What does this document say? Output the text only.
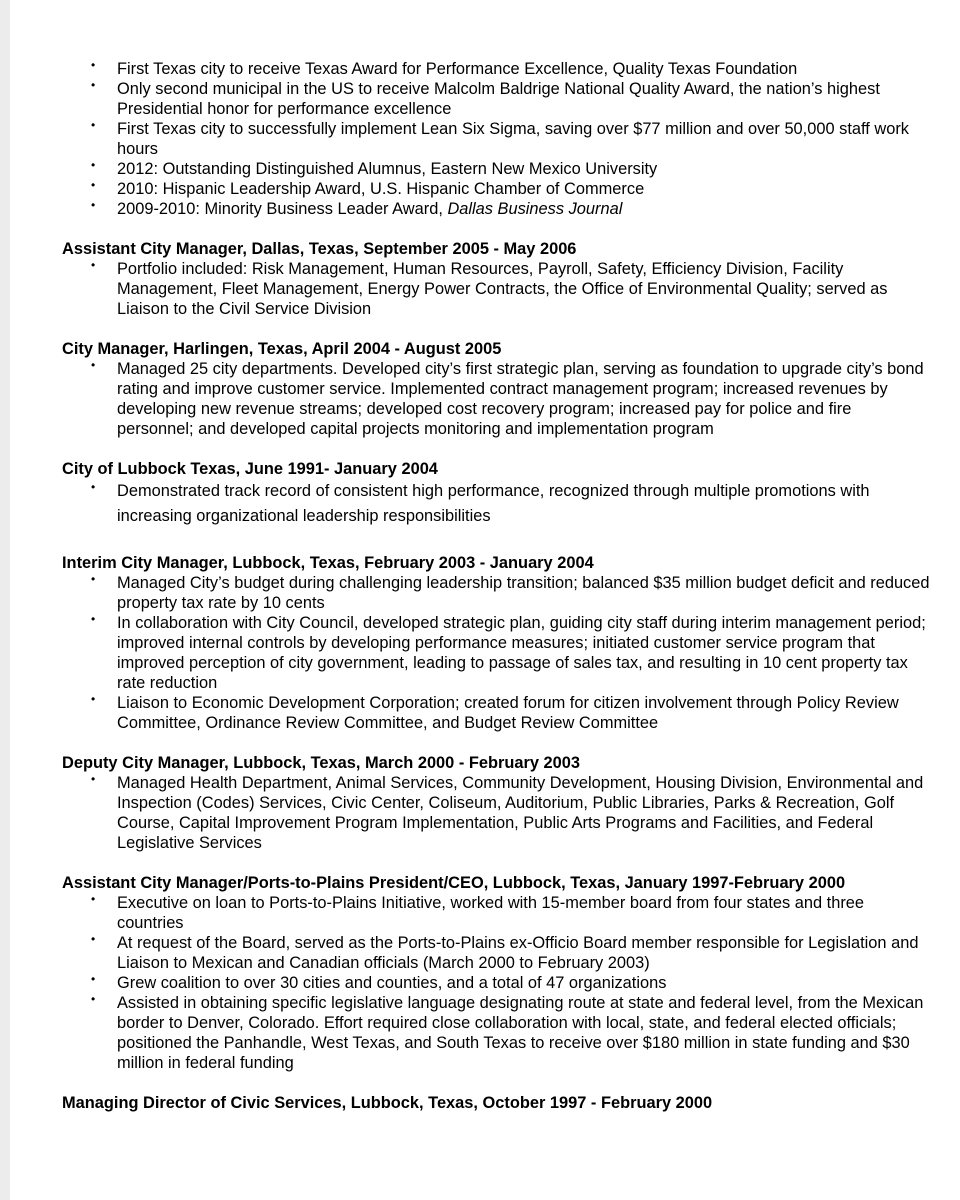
• First Texas city to receive Texas Award for Performance Excellence, Quality Texas Foundation
• Only second municipal in the US to receive Malcolm Baldrige National Quality Award, the nation’s highest Presidential honor for performance excellence
• First Texas city to successfully implement Lean Six Sigma, saving over $77 million and over 50,000 staff work hours
• 2012: Outstanding Distinguished Alumnus, Eastern New Mexico University
• 2010: Hispanic Leadership Award, U.S. Hispanic Chamber of Commerce
• 2009-2010: Minority Business Leader Award, Dallas Business Journal

Assistant City Manager, Dallas, Texas, September 2005 - May 2006

• Portfolio included: Risk Management, Human Resources, Payroll, Safety, Efficiency Division, Facility Management, Fleet Management, Energy Power Contracts, the Office of Environmental Quality; served as Liaison to the Civil Service Division

City Manager, Harlingen, Texas, April 2004 - August 2005

• Managed 25 city departments. Developed city’s first strategic plan, serving as foundation to upgrade city’s bond rating and improve customer service. Implemented contract management program; increased revenues by developing new revenue streams; developed cost recovery program; increased pay for police and fire personnel; and developed capital projects monitoring and implementation program

City of Lubbock Texas, June 1991- January 2004

• Demonstrated track record of consistent high performance, recognized through multiple promotions with increasing organizational leadership responsibilities

Interim City Manager, Lubbock, Texas, February 2003 - January 2004

• Managed City’s budget during challenging leadership transition; balanced $35 million budget deficit and reduced property tax rate by 10 cents
• In collaboration with City Council, developed strategic plan, guiding city staff during interim management period; improved internal controls by developing performance measures; initiated customer service program that improved perception of city government, leading to passage of sales tax, and resulting in 10 cent property tax rate reduction
• Liaison to Economic Development Corporation; created forum for citizen involvement through Policy Review Committee, Ordinance Review Committee, and Budget Review Committee

Deputy City Manager, Lubbock, Texas, March 2000 - February 2003

• Managed Health Department, Animal Services, Community Development, Housing Division, Environmental and Inspection (Codes) Services, Civic Center, Coliseum, Auditorium, Public Libraries, Parks & Recreation, Golf Course, Capital Improvement Program Implementation, Public Arts Programs and Facilities, and Federal Legislative Services

Assistant City Manager/Ports-to-Plains President/CEO, Lubbock, Texas, January 1997-February 2000

• Executive on loan to Ports-to-Plains Initiative, worked with 15-member board from four states and three countries
• At request of the Board, served as the Ports-to-Plains ex-Officio Board member responsible for Legislation and Liaison to Mexican and Canadian officials (March 2000 to February 2003)
• Grew coalition to over 30 cities and counties, and a total of 47 organizations
• Assisted in obtaining specific legislative language designating route at state and federal level, from the Mexican border to Denver, Colorado. Effort required close collaboration with local, state, and federal elected officials; positioned the Panhandle, West Texas, and South Texas to receive over $180 million in state funding and $30 million in federal funding

Managing Director of Civic Services, Lubbock, Texas, October 1997 - February 2000
